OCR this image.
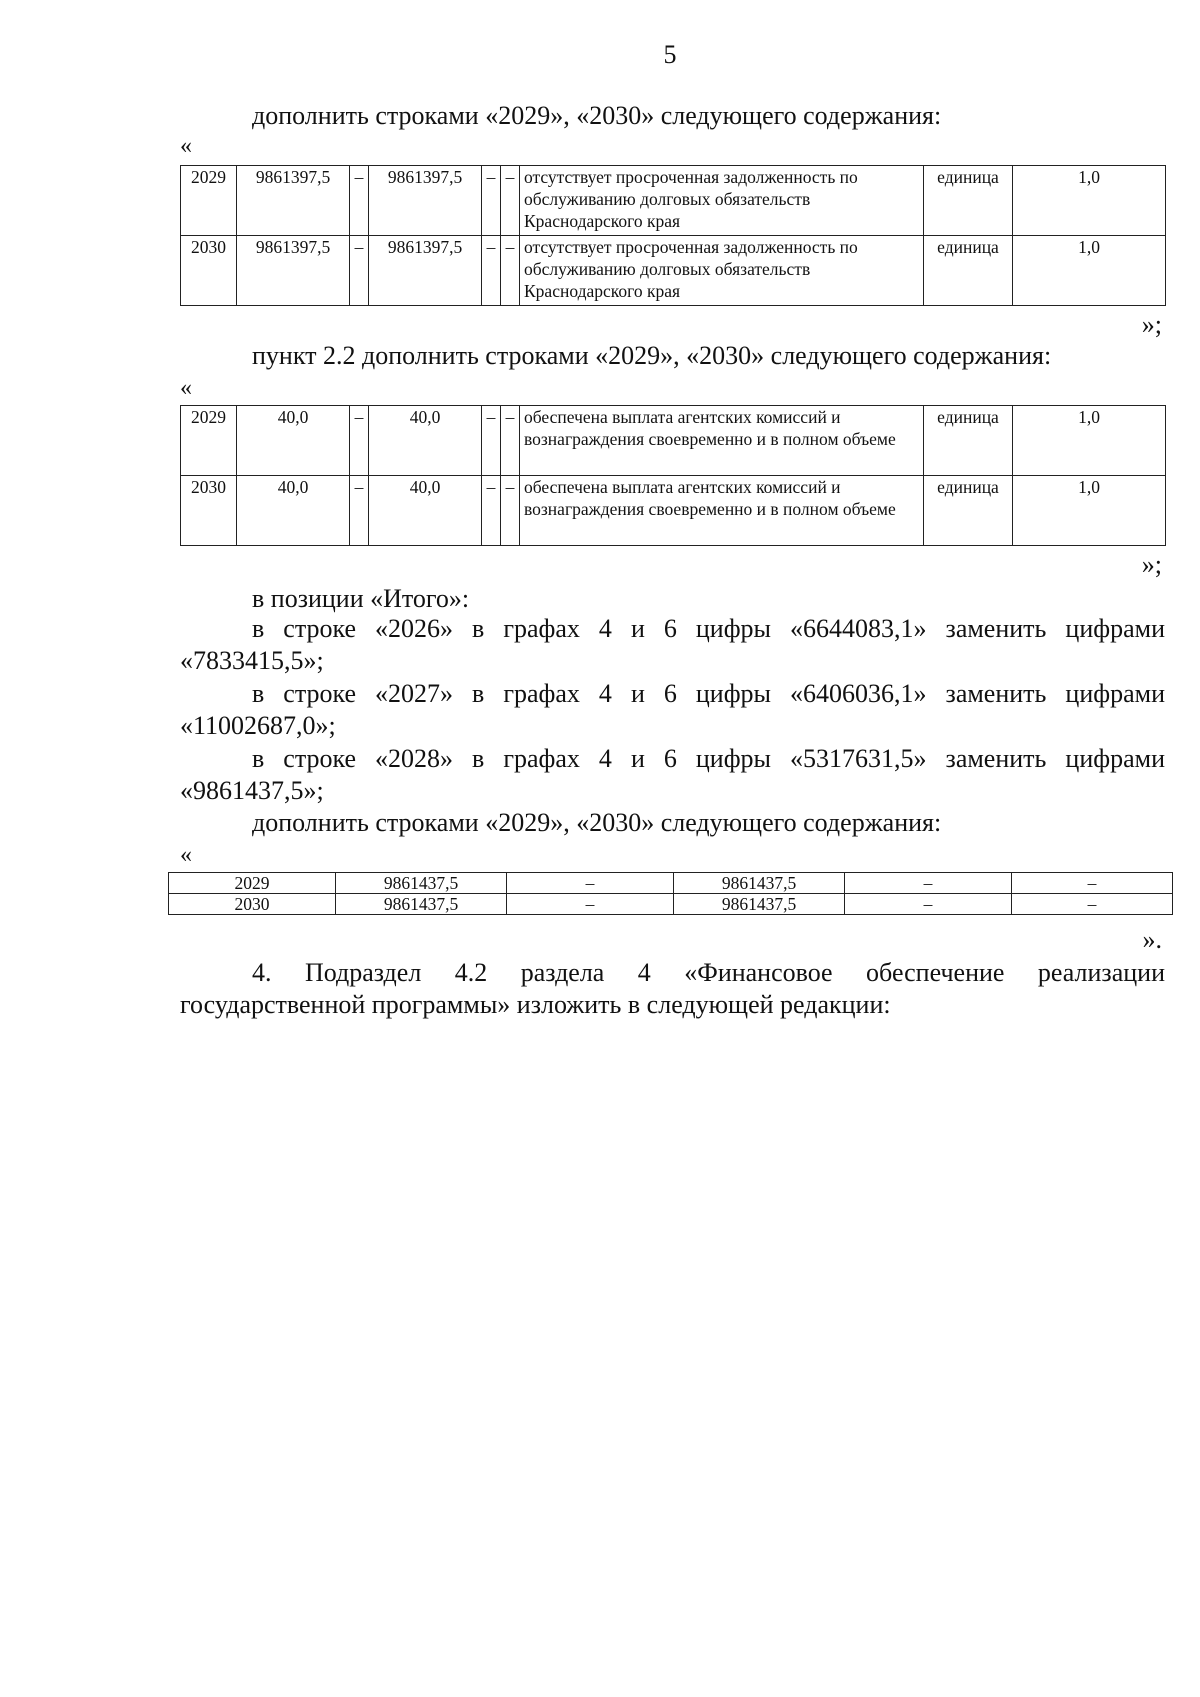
5
дополнить строками «2029», «2030» следующего содержания:
«
2029	9861397,5	–	9861397,5	–	–	отсутствует просроченная задолженность по обслуживанию долговых обязательств Краснодарского края	единица	1,0
2030	9861397,5	–	9861397,5	–	–	отсутствует просроченная задолженность по обслуживанию долговых обязательств Краснодарского края	единица	1,0
»;
пункт 2.2 дополнить строками «2029», «2030» следующего содержания:
«
2029	40,0	–	40,0	–	–	обеспечена выплата агентских комиссий и вознаграждения своевременно и в полном объеме	единица	1,0
2030	40,0	–	40,0	–	–	обеспечена выплата агентских комиссий и вознаграждения своевременно и в полном объеме	единица	1,0
»;
в позиции «Итого»:
в строке «2026» в графах 4 и 6 цифры «6644083,1» заменить цифрами «7833415,5»;
в строке «2027» в графах 4 и 6 цифры «6406036,1» заменить цифрами «11002687,0»;
в строке «2028» в графах 4 и 6 цифры «5317631,5» заменить цифрами «9861437,5»;
дополнить строками «2029», «2030» следующего содержания:
«
2029	9861437,5	–	9861437,5	–	–
2030	9861437,5	–	9861437,5	–	–
».
4. Подраздел 4.2 раздела 4 «Финансовое обеспечение реализации государственной программы» изложить в следующей редакции:
